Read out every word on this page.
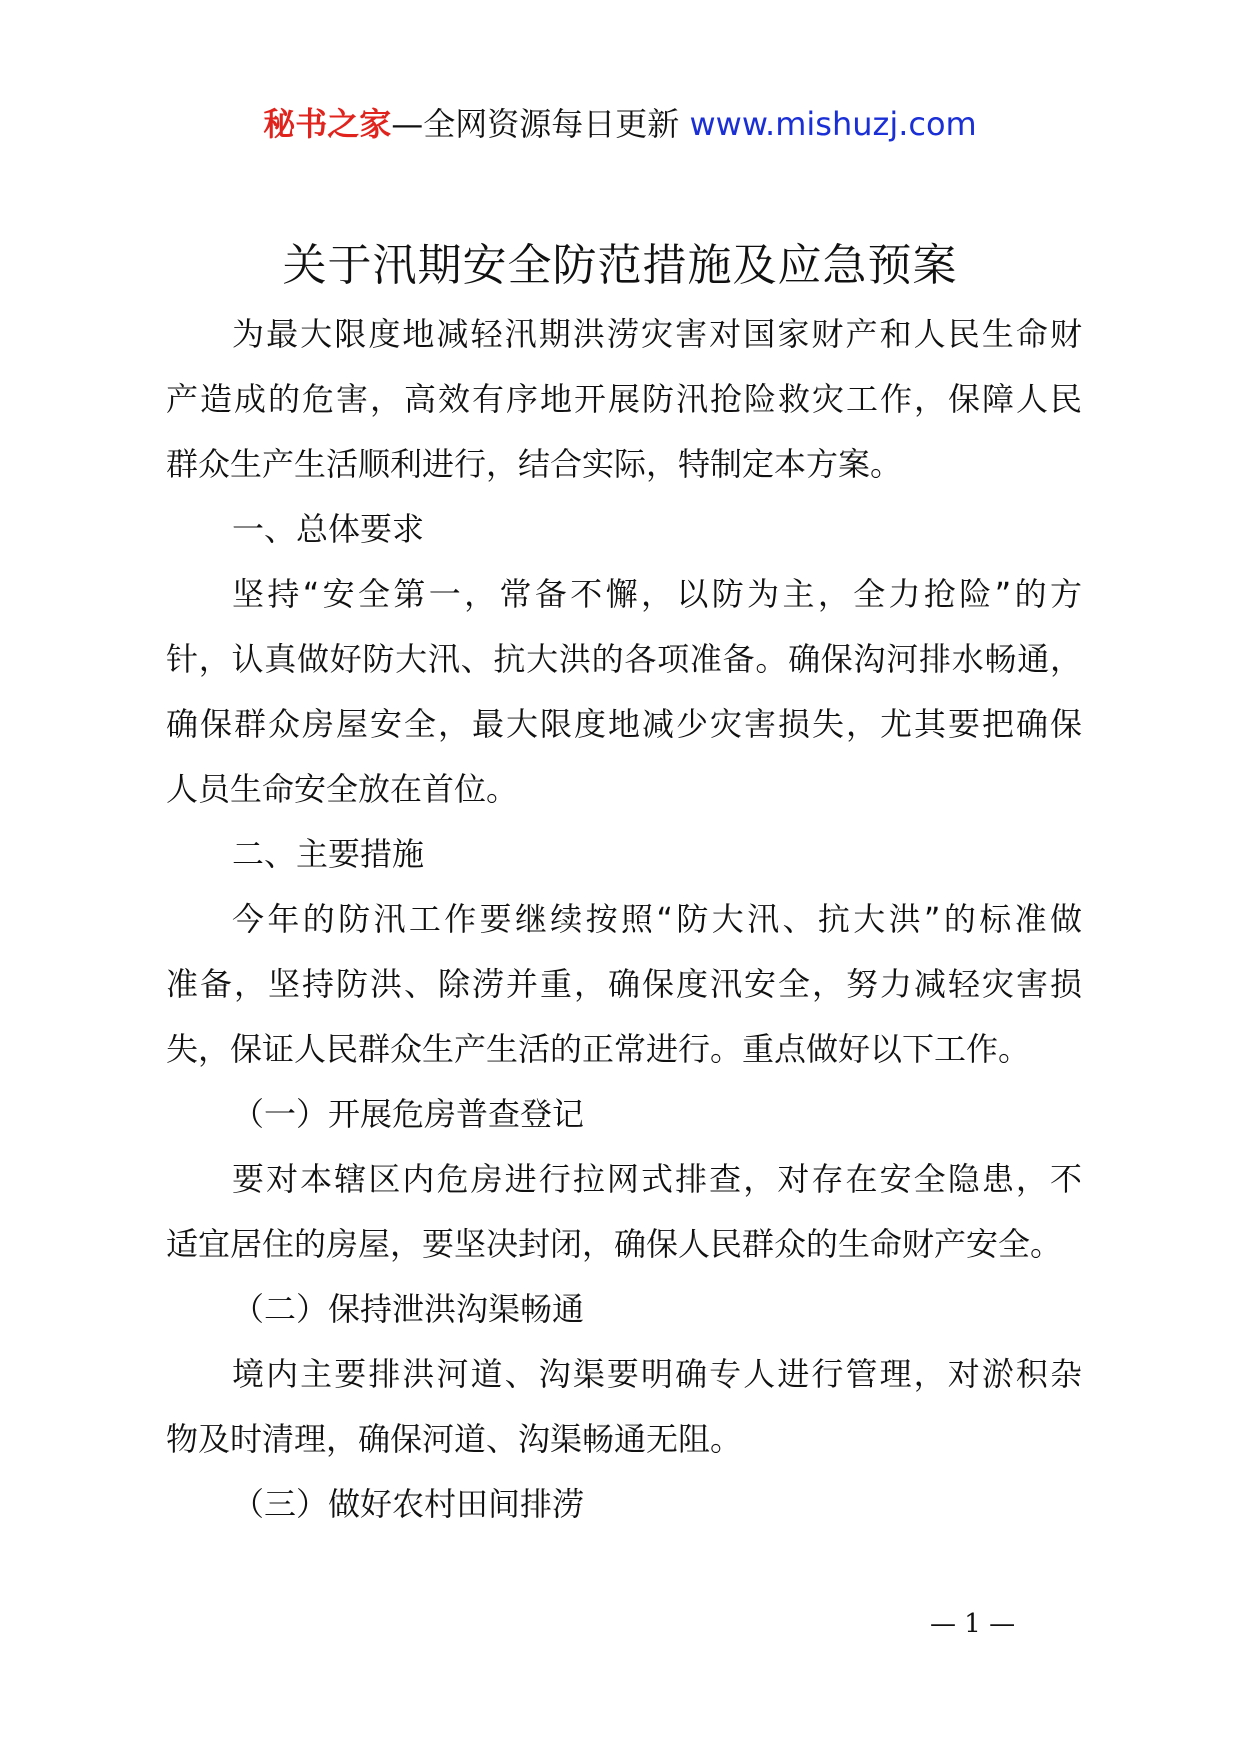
秘书之家—全网资源每日更新 www.mishuzj.com
关于汛期安全防范措施及应急预案
为最大限度地减轻汛期洪涝灾害对国家财产和人民生命财
产造成的危害，高效有序地开展防汛抢险救灾工作，保障人民
群众生产生活顺利进行，结合实际，特制定本方案。
一、总体要求
坚持“安全第一，常备不懈，以防为主，全力抢险”的方
针，认真做好防大汛、抗大洪的各项准备。确保沟河排水畅通，
确保群众房屋安全，最大限度地减少灾害损失，尤其要把确保
人员生命安全放在首位。
二、主要措施
今年的防汛工作要继续按照“防大汛、抗大洪”的标准做
准备，坚持防洪、除涝并重，确保度汛安全，努力减轻灾害损
失，保证人民群众生产生活的正常进行。重点做好以下工作。
（一）开展危房普查登记
要对本辖区内危房进行拉网式排查，对存在安全隐患，不
适宜居住的房屋，要坚决封闭，确保人民群众的生命财产安全。
（二）保持泄洪沟渠畅通
境内主要排洪河道、沟渠要明确专人进行管理，对淤积杂
物及时清理，确保河道、沟渠畅通无阻。
（三）做好农村田间排涝
— 1 —
